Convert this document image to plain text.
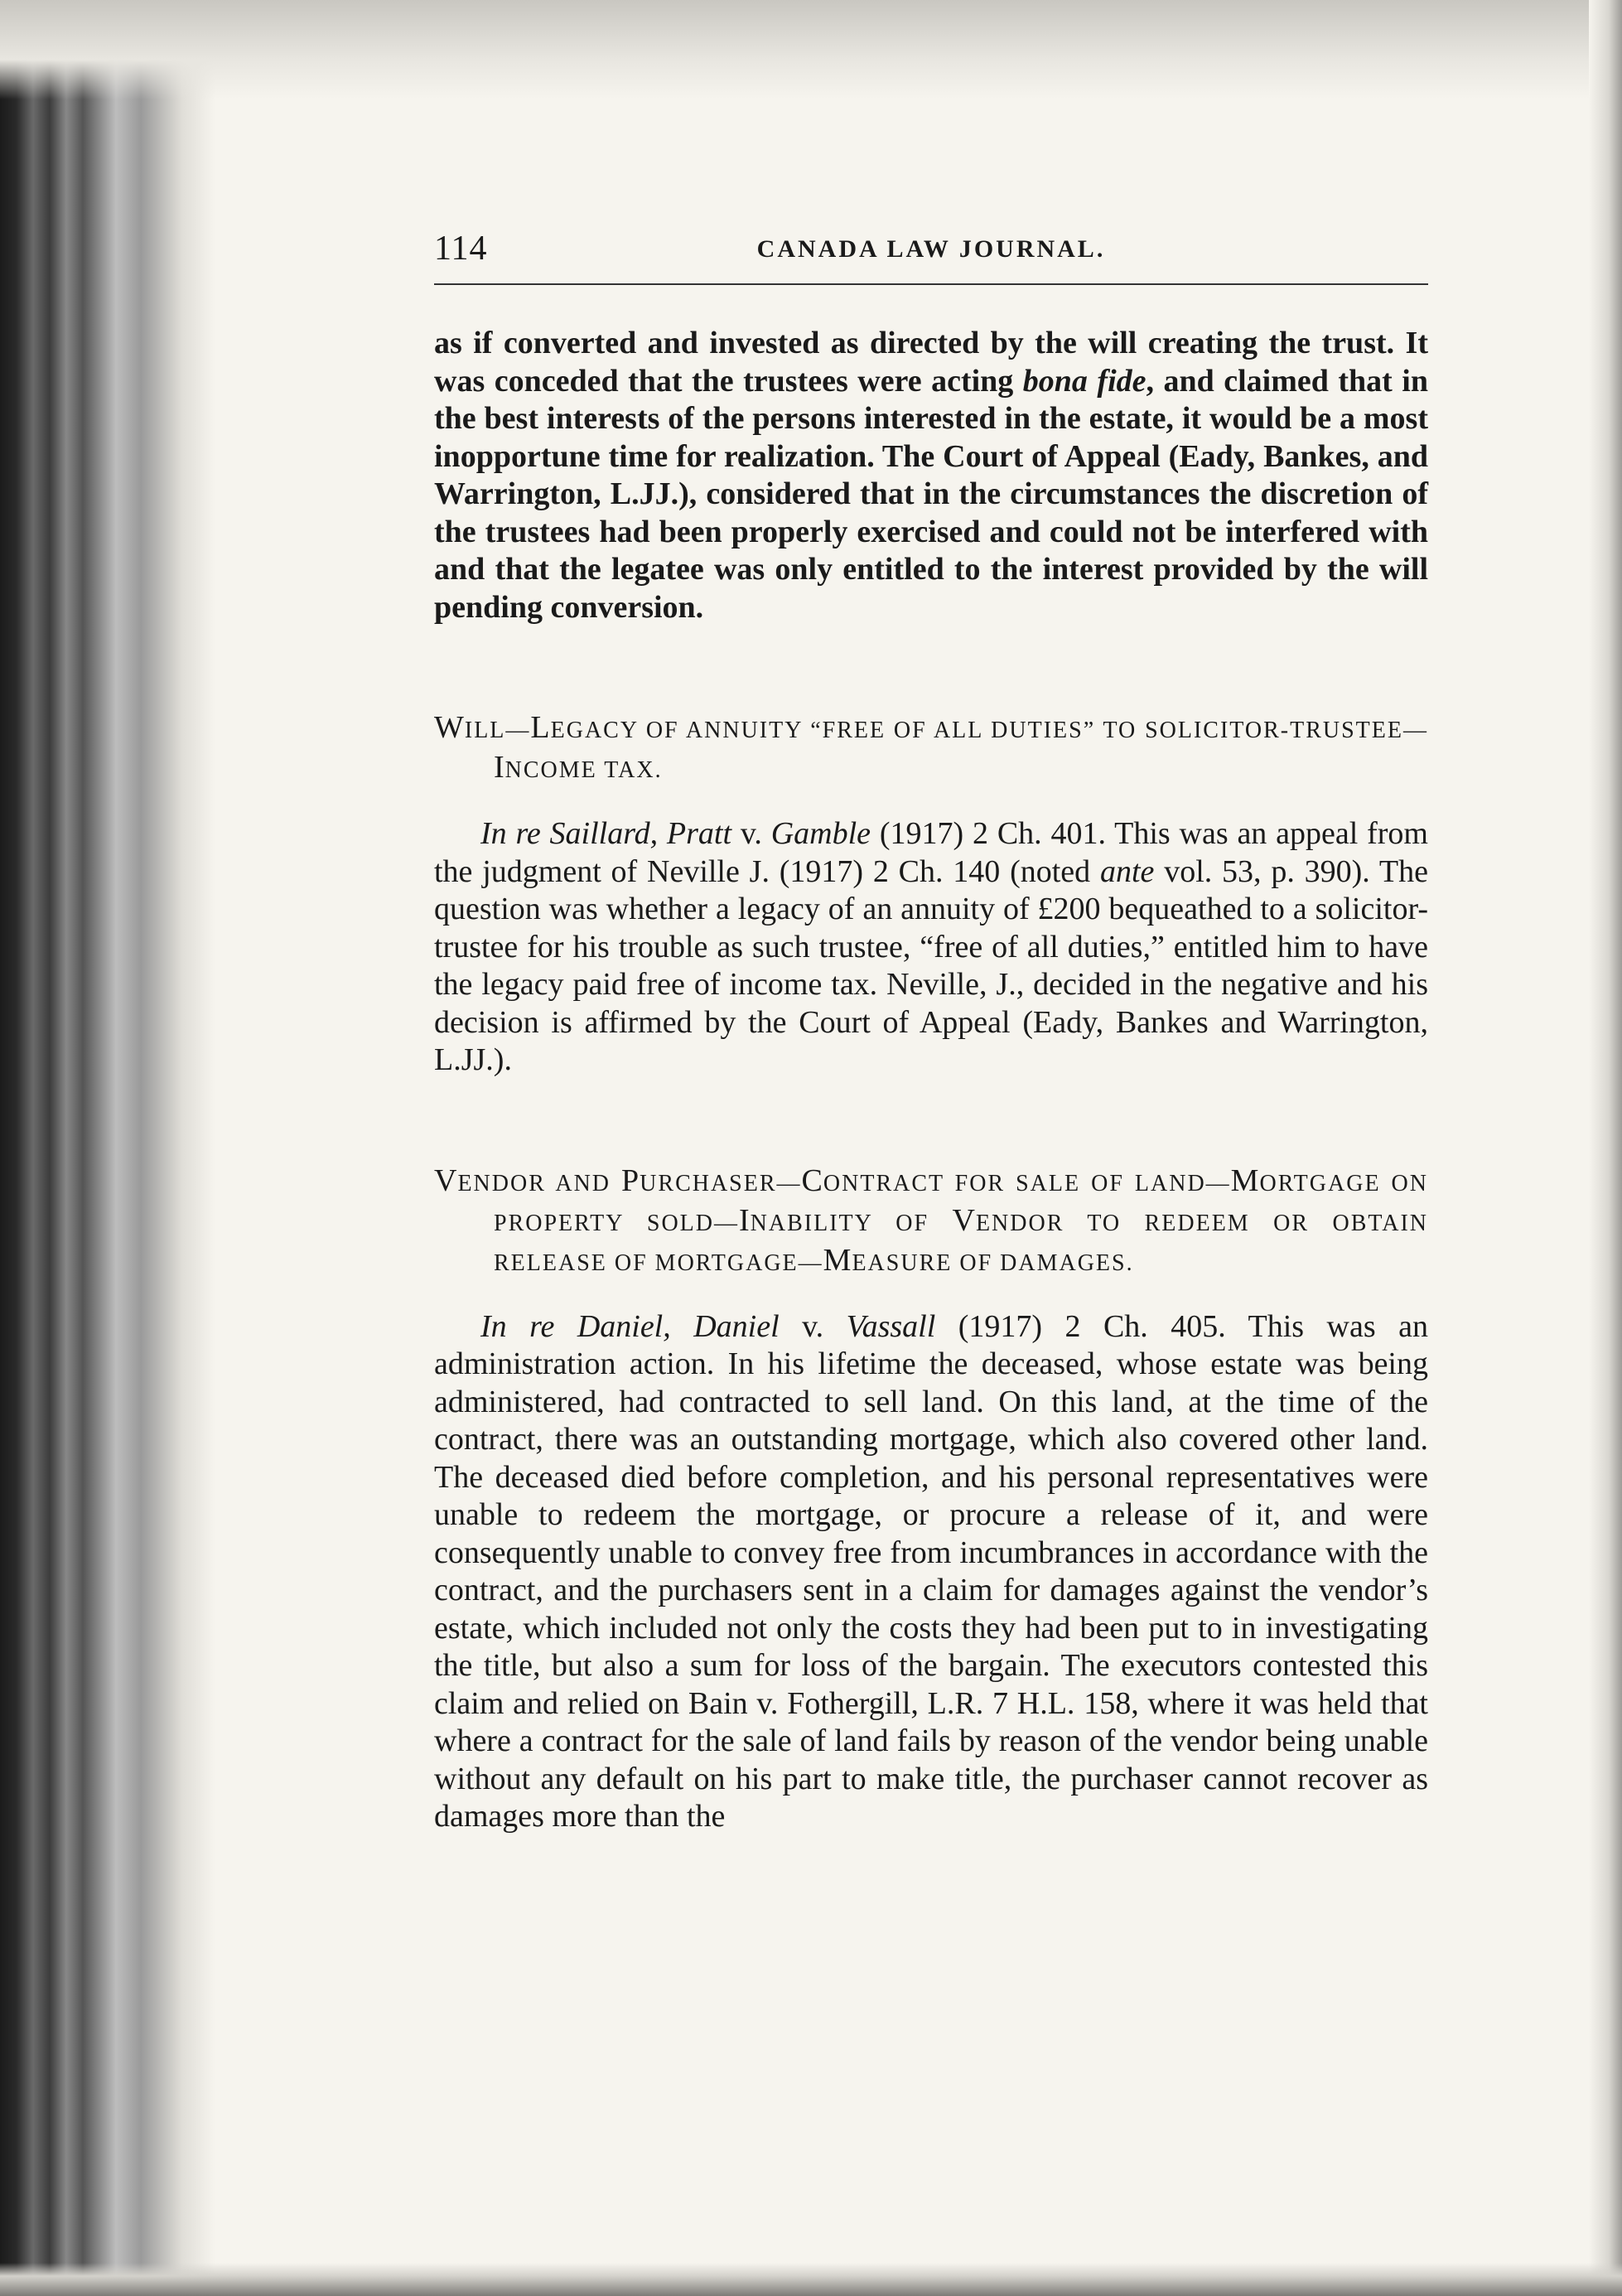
114	CANADA LAW JOURNAL.

as if converted and invested as directed by the will creating the trust. It was conceded that the trustees were acting bona fide, and claimed that in the best interests of the persons interested in the estate, it would be a most inopportune time for realization. The Court of Appeal (Eady, Bankes, and Warrington, L.JJ.), considered that in the circumstances the discretion of the trustees had been properly exercised and could not be interfered with and that the legatee was only entitled to the interest provided by the will pending conversion.

WILL—LEGACY OF ANNUITY “FREE OF ALL DUTIES” TO SOLICITOR-TRUSTEE—INCOME TAX.

In re Saillard, Pratt v. Gamble (1917) 2 Ch. 401. This was an appeal from the judgment of Neville J. (1917) 2 Ch. 140 (noted ante vol. 53, p. 390). The question was whether a legacy of an annuity of £200 bequeathed to a solicitor-trustee for his trouble as such trustee, “free of all duties,” entitled him to have the legacy paid free of income tax. Neville, J., decided in the negative and his decision is affirmed by the Court of Appeal (Eady, Bankes and Warrington, L.JJ.).

VENDOR AND PURCHASER—CONTRACT FOR SALE OF LAND—MORTGAGE ON PROPERTY SOLD—INABILITY OF VENDOR TO REDEEM OR OBTAIN RELEASE OF MORTGAGE—MEASURE OF DAMAGES.

In re Daniel, Daniel v. Vassall (1917) 2 Ch. 405. This was an administration action. In his lifetime the deceased, whose estate was being administered, had contracted to sell land. On this land, at the time of the contract, there was an outstanding mortgage, which also covered other land. The deceased died before completion, and his personal representatives were unable to redeem the mortgage, or procure a release of it, and were consequently unable to convey free from incumbrances in accordance with the contract, and the purchasers sent in a claim for damages against the vendor’s estate, which included not only the costs they had been put to in investigating the title, but also a sum for loss of the bargain. The executors contested this claim and relied on Bain v. Fothergill, L.R. 7 H.L. 158, where it was held that where a contract for the sale of land fails by reason of the vendor being unable without any default on his part to make title, the purchaser cannot recover as damages more than the
